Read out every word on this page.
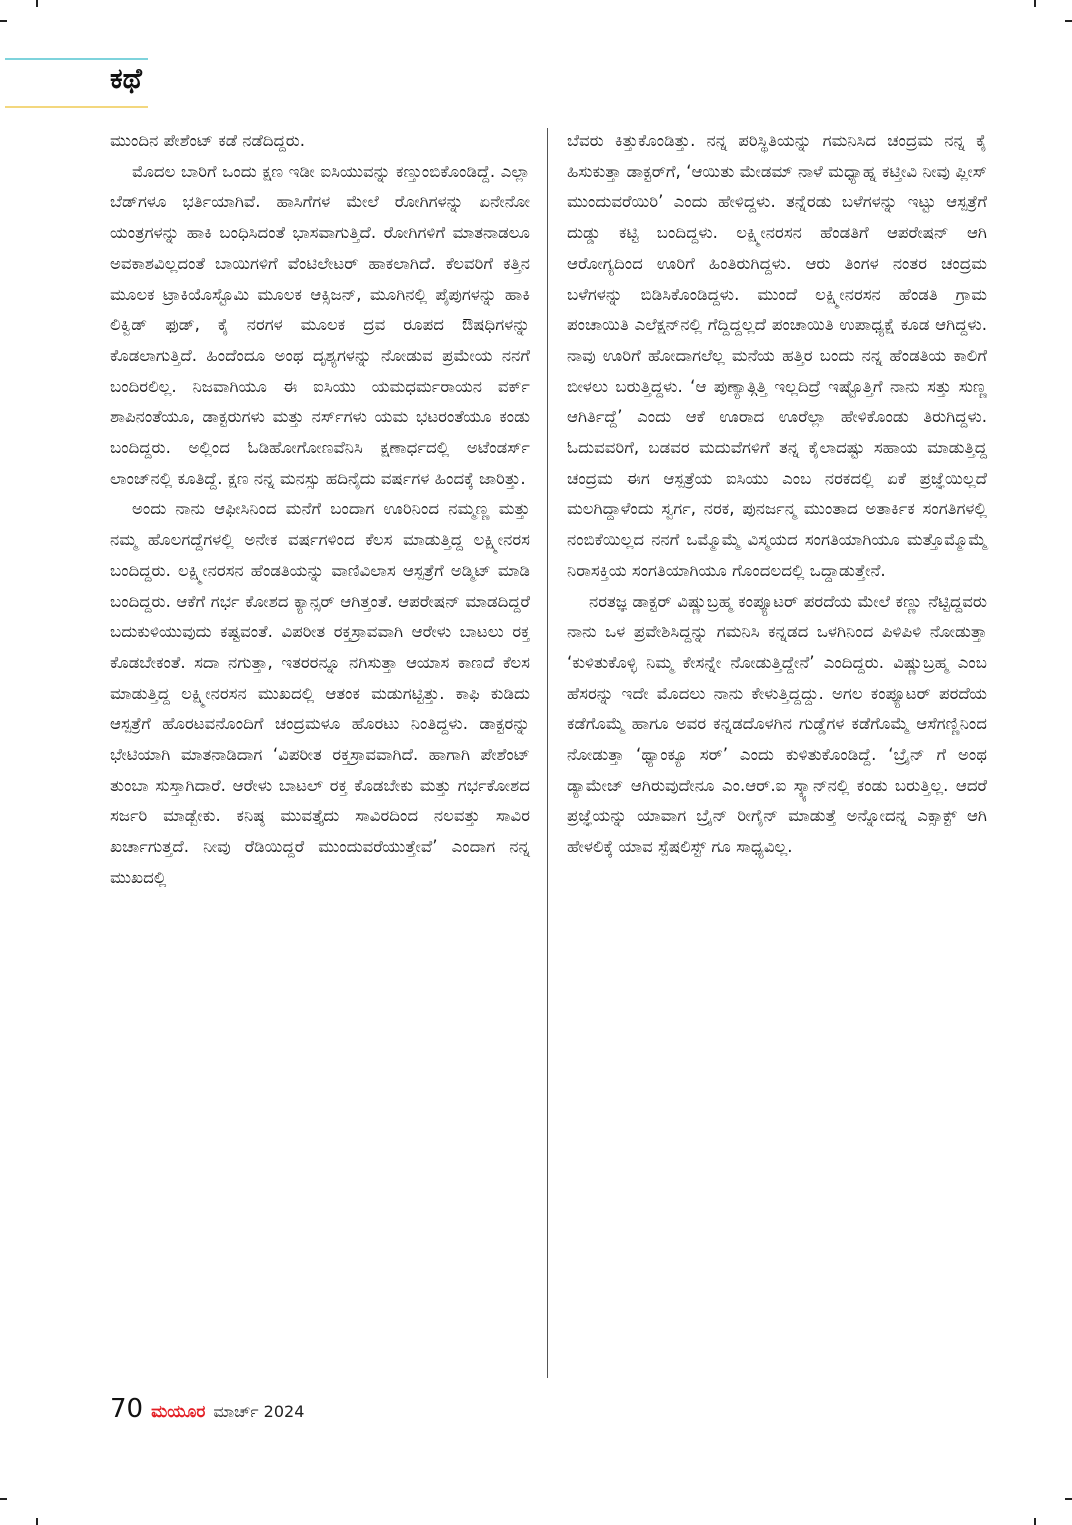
ಕಥೆ

ಮುಂದಿನ ಪೇಶೆಂಟ್ ಕಡೆ ನಡೆದಿದ್ದರು.

ಮೊದಲ ಬಾರಿಗೆ ಒಂದು ಕ್ಷಣ ಇಡೀ ಐಸಿಯುವನ್ನು ಕಣ್ತುಂಬಿಕೊಂಡಿದ್ದೆ. ಎಲ್ಲಾ ಬೆಡ್‌ಗಳೂ ಭರ್ತಿಯಾಗಿವೆ. ಹಾಸಿಗೆಗಳ ಮೇಲೆ ರೋಗಿಗಳನ್ನು ಏನೇನೋ ಯಂತ್ರಗಳನ್ನು ಹಾಕಿ ಬಂಧಿಸಿದಂತೆ ಭಾಸವಾಗುತ್ತಿದೆ. ರೋಗಿಗಳಿಗೆ ಮಾತನಾಡಲೂ ಅವಕಾಶವಿಲ್ಲದಂತೆ ಬಾಯಿಗಳಿಗೆ ವೆಂಟಿಲೇಟರ್ ಹಾಕಲಾಗಿದೆ. ಕೆಲವರಿಗೆ ಕತ್ತಿನ ಮೂಲಕ ಟ್ರಾಕಿಯೊಸ್ಟೊಮಿ ಮೂಲಕ ಆಕ್ಸಿಜನ್, ಮೂಗಿನಲ್ಲಿ ಪೈಪುಗಳನ್ನು ಹಾಕಿ ಲಿಕ್ವಿಡ್ ಫುಡ್, ಕೈ ನರಗಳ ಮೂಲಕ ದ್ರವ ರೂಪದ ಔಷಧಿಗಳನ್ನು ಕೊಡಲಾಗುತ್ತಿದೆ. ಹಿಂದೆಂದೂ ಅಂಥ ದೃಶ್ಯಗಳನ್ನು ನೋಡುವ ಪ್ರಮೇಯ ನನಗೆ ಬಂದಿರಲಿಲ್ಲ. ನಿಜವಾಗಿಯೂ ಈ ಐಸಿಯು ಯಮಧರ್ಮರಾಯನ ವರ್ಕ್ ಶಾಪಿನಂತೆಯೂ, ಡಾಕ್ಟರುಗಳು ಮತ್ತು ನರ್ಸ್‌ಗಳು ಯಮ ಭಟರಂತೆಯೂ ಕಂಡು ಬಂದಿದ್ದರು. ಅಲ್ಲಿಂದ ಓಡಿಹೋಗೋಣವೆನಿಸಿ ಕ್ಷಣಾರ್ಧದಲ್ಲಿ ಅಟೆಂಡರ್ಸ್ ಲಾಂಜ್‌ನಲ್ಲಿ ಕೂತಿದ್ದೆ. ಕ್ಷಣ ನನ್ನ ಮನಸ್ಸು ಹದಿನೈದು ವರ್ಷಗಳ ಹಿಂದಕ್ಕೆ ಜಾರಿತ್ತು.

ಅಂದು ನಾನು ಆಫೀಸಿನಿಂದ ಮನೆಗೆ ಬಂದಾಗ ಊರಿನಿಂದ ನಮ್ಮಣ್ಣ ಮತ್ತು ನಮ್ಮ ಹೊಲಗದ್ದೆಗಳಲ್ಲಿ ಅನೇಕ ವರ್ಷಗಳಿಂದ ಕೆಲಸ ಮಾಡುತ್ತಿದ್ದ ಲಕ್ಷ್ಮೀನರಸ ಬಂದಿದ್ದರು. ಲಕ್ಷ್ಮೀನರಸನ ಹೆಂಡತಿಯನ್ನು ವಾಣಿವಿಲಾಸ ಆಸ್ಪತ್ರೆಗೆ ಅಡ್ಮಿಟ್ ಮಾಡಿ ಬಂದಿದ್ದರು. ಆಕೆಗೆ ಗರ್ಭ ಕೋಶದ ಕ್ಯಾನ್ಸರ್ ಆಗಿತ್ತಂತೆ. ಆಪರೇಷನ್ ಮಾಡದಿದ್ದರೆ ಬದುಕುಳಿಯುವುದು ಕಷ್ಟವಂತೆ. ವಿಪರೀತ ರಕ್ತಸ್ರಾವವಾಗಿ ಆರೇಳು ಬಾಟಲು ರಕ್ತ ಕೊಡಬೇಕಂತೆ. ಸದಾ ನಗುತ್ತಾ, ಇತರರನ್ನೂ ನಗಿಸುತ್ತಾ ಆಯಾಸ ಕಾಣದೆ ಕೆಲಸ ಮಾಡುತ್ತಿದ್ದ ಲಕ್ಷ್ಮೀನರಸನ ಮುಖದಲ್ಲಿ ಆತಂಕ ಮಡುಗಟ್ಟಿತ್ತು. ಕಾಫಿ ಕುಡಿದು ಆಸ್ಪತ್ರೆಗೆ ಹೊರಟವನೊಂದಿಗೆ ಚಂದ್ರಮಳೂ ಹೊರಟು ನಿಂತಿದ್ದಳು. ಡಾಕ್ಟರನ್ನು ಭೇಟಿಯಾಗಿ ಮಾತನಾಡಿದಾಗ ‘ವಿಪರೀತ ರಕ್ತಸ್ರಾವವಾಗಿದೆ. ಹಾಗಾಗಿ ಪೇಶೆಂಟ್ ತುಂಬಾ ಸುಸ್ತಾಗಿದಾರೆ. ಆರೇಳು ಬಾಟಲ್ ರಕ್ತ ಕೊಡಬೇಕು ಮತ್ತು ಗರ್ಭಕೋಶದ ಸರ್ಜರಿ ಮಾಡ್ಬೇಕು. ಕನಿಷ್ಠ ಮುವತ್ತೈದು ಸಾವಿರದಿಂದ ನಲವತ್ತು ಸಾವಿರ ಖರ್ಚಾಗುತ್ತದೆ. ನೀವು ರೆಡಿಯಿದ್ದರೆ ಮುಂದುವರೆಯುತ್ತೇವೆ’ ಎಂದಾಗ ನನ್ನ ಮುಖದಲ್ಲಿ

ಬೆವರು ಕಿತ್ತುಕೊಂಡಿತ್ತು. ನನ್ನ ಪರಿಸ್ಥಿತಿಯನ್ನು ಗಮನಿಸಿದ ಚಂದ್ರಮ ನನ್ನ ಕೈ ಹಿಸುಕುತ್ತಾ ಡಾಕ್ಟರ್‌ಗೆ, ‘ಆಯಿತು ಮೇಡಮ್ ನಾಳೆ ಮಧ್ಯಾಹ್ನ ಕಟ್ತೀವಿ ನೀವು ಪ್ಲೀಸ್ ಮುಂದುವರೆಯಿರಿ’ ಎಂದು ಹೇಳಿದ್ದಳು. ತನ್ನೆರಡು ಬಳೆಗಳನ್ನು ಇಟ್ಟು ಆಸ್ಪತ್ರೆಗೆ ದುಡ್ಡು ಕಟ್ಟಿ ಬಂದಿದ್ದಳು. ಲಕ್ಷ್ಮೀನರಸನ ಹೆಂಡತಿಗೆ ಆಪರೇಷನ್ ಆಗಿ ಆರೋಗ್ಯದಿಂದ ಊರಿಗೆ ಹಿಂತಿರುಗಿದ್ದಳು. ಆರು ತಿಂಗಳ ನಂತರ ಚಂದ್ರಮ ಬಳೆಗಳನ್ನು ಬಿಡಿಸಿಕೊಂಡಿದ್ದಳು. ಮುಂದೆ ಲಕ್ಷ್ಮೀನರಸನ ಹೆಂಡತಿ ಗ್ರಾಮ ಪಂಚಾಯಿತಿ ಎಲೆಕ್ಷನ್‌ನಲ್ಲಿ ಗೆದ್ದಿದ್ದಲ್ಲದೆ ಪಂಚಾಯಿತಿ ಉಪಾಧ್ಯಕ್ಷೆ ಕೂಡ ಆಗಿದ್ದಳು. ನಾವು ಊರಿಗೆ ಹೋದಾಗಲೆಲ್ಲ ಮನೆಯ ಹತ್ತಿರ ಬಂದು ನನ್ನ ಹೆಂಡತಿಯ ಕಾಲಿಗೆ ಬೀಳಲು ಬರುತ್ತಿದ್ದಳು. ‘ಆ ಪುಣ್ಯಾತ್ಗಿತ್ತಿ ಇಲ್ಲದಿದ್ರೆ ಇಷ್ಟೊತ್ತಿಗೆ ನಾನು ಸತ್ತು ಸುಣ್ಣ ಆಗಿರ್ತಿದ್ದೆ’ ಎಂದು ಆಕೆ ಊರಾದ ಊರೆಲ್ಲಾ ಹೇಳಿಕೊಂಡು ತಿರುಗಿದ್ದಳು. ಓದುವವರಿಗೆ, ಬಡವರ ಮದುವೆಗಳಿಗೆ ತನ್ನ ಕೈಲಾದಷ್ಟು ಸಹಾಯ ಮಾಡುತ್ತಿದ್ದ ಚಂದ್ರಮ ಈಗ ಆಸ್ಪತ್ರೆಯ ಐಸಿಯು ಎಂಬ ನರಕದಲ್ಲಿ ಏಕೆ ಪ್ರಜ್ಞೆಯಿಲ್ಲದೆ ಮಲಗಿದ್ದಾಳೆಂದು ಸ್ವರ್ಗ, ನರಕ, ಪುನರ್ಜನ್ಮ ಮುಂತಾದ ಅತಾರ್ಕಿಕ ಸಂಗತಿಗಳಲ್ಲಿ ನಂಬಿಕೆಯಿಲ್ಲದ ನನಗೆ ಒಮ್ಮೊಮ್ಮೆ ವಿಸ್ಮಯದ ಸಂಗತಿಯಾಗಿಯೂ ಮತ್ತೊಮ್ಮೊಮ್ಮೆ ನಿರಾಸಕ್ತಿಯ ಸಂಗತಿಯಾಗಿಯೂ ಗೊಂದಲದಲ್ಲಿ ಒದ್ದಾಡುತ್ತೇನೆ.

ನರತಜ್ಞ ಡಾಕ್ಟರ್ ವಿಷ್ಣುಬ್ರಹ್ಮ ಕಂಪ್ಯೂಟರ್ ಪರದೆಯ ಮೇಲೆ ಕಣ್ಣು ನೆಟ್ಟಿದ್ದವರು ನಾನು ಒಳ ಪ್ರವೇಶಿಸಿದ್ದನ್ನು ಗಮನಿಸಿ ಕನ್ನಡದ ಒಳಗಿನಿಂದ ಪಿಳಿಪಿಳಿ ನೋಡುತ್ತಾ ‘ಕುಳಿತುಕೊಳ್ಳಿ ನಿಮ್ಮ ಕೇಸನ್ನೇ ನೋಡುತ್ತಿದ್ದೇನೆ’ ಎಂದಿದ್ದರು. ವಿಷ್ಣುಬ್ರಹ್ಮ ಎಂಬ ಹೆಸರನ್ನು ಇದೇ ಮೊದಲು ನಾನು ಕೇಳುತ್ತಿದ್ದದ್ದು. ಅಗಲ ಕಂಪ್ಯೂಟರ್ ಪರದೆಯ ಕಡೆಗೊಮ್ಮೆ ಹಾಗೂ ಅವರ ಕನ್ನಡದೊಳಗಿನ ಗುಡ್ಡೆಗಳ ಕಡೆಗೊಮ್ಮೆ ಆಸೆಗಣ್ಣಿನಿಂದ ನೋಡುತ್ತಾ ‘ಥ್ಯಾಂಕ್ಯೂ ಸರ್’ ಎಂದು ಕುಳಿತುಕೊಂಡಿದ್ದೆ. ‘ಬ್ರೈನ್ ಗೆ ಅಂಥ ಡ್ಯಾಮೇಜ್ ಆಗಿರುವುದೇನೂ ಎಂ.ಆರ್.ಐ ಸ್ಕ್ಯಾನ್‌ನಲ್ಲಿ ಕಂಡು ಬರುತ್ತಿಲ್ಲ. ಆದರೆ ಪ್ರಜ್ಞೆಯನ್ನು ಯಾವಾಗ ಬ್ರೈನ್ ರೀಗೈನ್ ಮಾಡುತ್ತೆ ಅನ್ನೋದನ್ನ ಎಕ್ಸಾಕ್ಟ್ ಆಗಿ ಹೇಳಲಿಕ್ಕೆ ಯಾವ ಸ್ಪೆಷಲಿಸ್ಟ್ ಗೂ ಸಾಧ್ಯವಿಲ್ಲ.

70 ಮಯೂರ ಮಾರ್ಚ್ 2024
